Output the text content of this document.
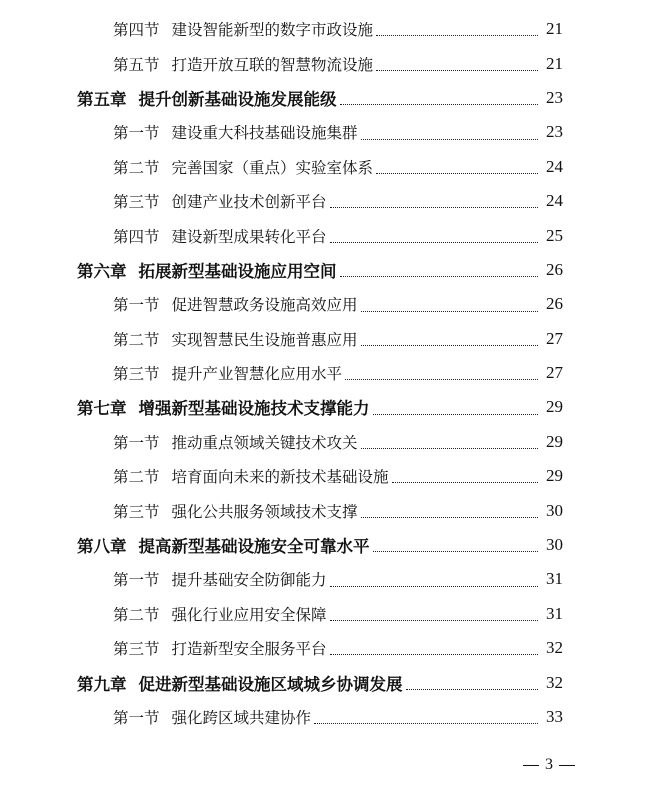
第四节 建设智能新型的数字市政设施	21
第五节 打造开放互联的智慧物流设施	21
第五章 提升创新基础设施发展能级	23
第一节 建设重大科技基础设施集群	23
第二节 完善国家（重点）实验室体系	24
第三节 创建产业技术创新平台	24
第四节 建设新型成果转化平台	25
第六章 拓展新型基础设施应用空间	26
第一节 促进智慧政务设施高效应用	26
第二节 实现智慧民生设施普惠应用	27
第三节 提升产业智慧化应用水平	27
第七章 增强新型基础设施技术支撑能力	29
第一节 推动重点领域关键技术攻关	29
第二节 培育面向未来的新技术基础设施	29
第三节 强化公共服务领域技术支撑	30
第八章 提高新型基础设施安全可靠水平	30
第一节 提升基础安全防御能力	31
第二节 强化行业应用安全保障	31
第三节 打造新型安全服务平台	32
第九章 促进新型基础设施区域城乡协调发展	32
第一节 强化跨区域共建协作	33
3
